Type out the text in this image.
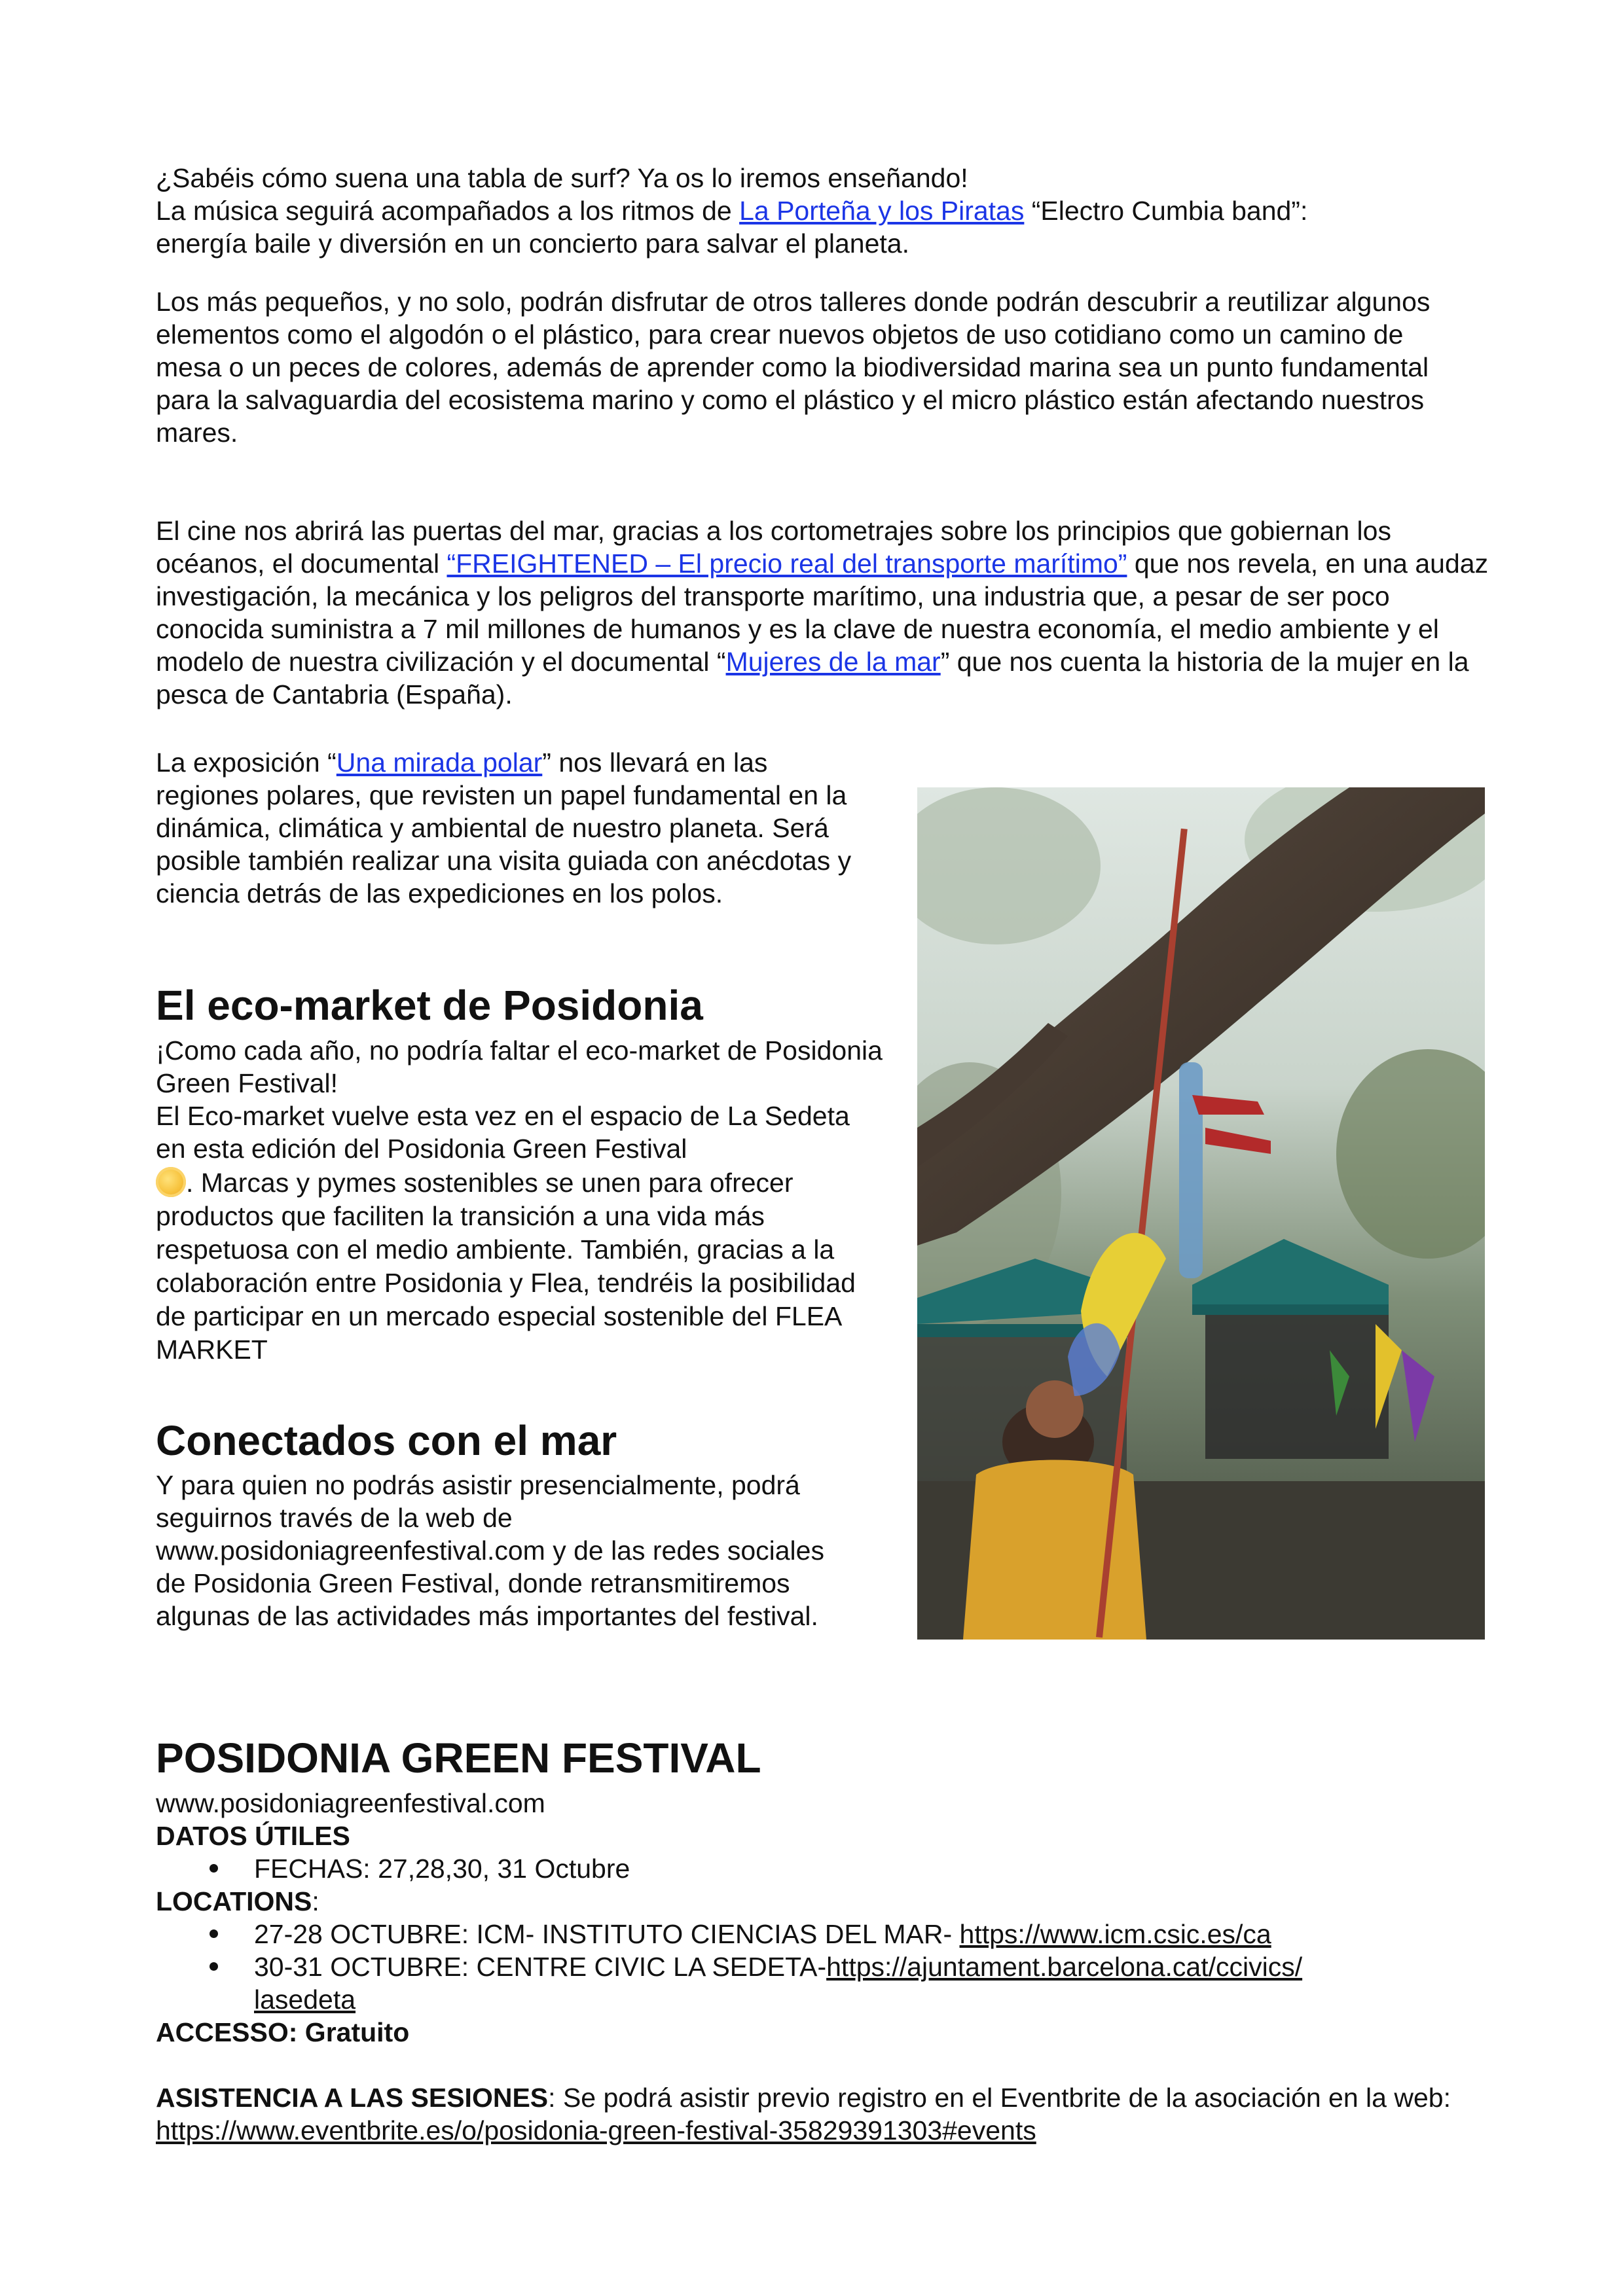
¿Sabéis cómo suena una tabla de surf? Ya os lo iremos enseñando!
La música seguirá acompañados a los ritmos de La Porteña y los Piratas “Electro Cumbia band”:
energía baile y diversión en un concierto para salvar el planeta.

Los más pequeños, y no solo, podrán disfrutar de otros talleres donde podrán descubrir a reutilizar algunos elementos como el algodón o el plástico, para crear nuevos objetos de uso cotidiano como un camino de mesa o un peces de colores, además de aprender como la biodiversidad marina sea un punto fundamental para la salvaguardia del ecosistema marino y como el plástico y el micro plástico están afectando nuestros mares.

El cine nos abrirá las puertas del mar, gracias a los cortometrajes sobre los principios que gobiernan los océanos, el documental “FREIGHTENED – El precio real del transporte marítimo” que nos revela, en una audaz investigación, la mecánica y los peligros del transporte marítimo, una industria que, a pesar de ser poco conocida suministra a 7 mil millones de humanos y es la clave de nuestra economía, el medio ambiente y el modelo de nuestra civilización y el documental “Mujeres de la mar” que nos cuenta la historia de la mujer en la pesca de Cantabria (España).

La exposición “Una mirada polar” nos llevará en las regiones polares, que revisten un papel fundamental en la dinámica, climática y ambiental de nuestro planeta. Será posible también realizar una visita guiada con anécdotas y ciencia detrás de las expediciones en los polos.

El eco-market de Posidonia

¡Como cada año, no podría faltar el eco-market de Posidonia Green Festival!

El Eco-market vuelve esta vez en el espacio de La Sedeta en esta edición del Posidonia Green Festival

. Marcas y pymes sostenibles se unen para ofrecer productos que faciliten la transición a una vida más respetuosa con el medio ambiente. También, gracias a la colaboración entre Posidonia y Flea, tendréis la posibilidad de participar en un mercado especial sostenible del FLEA MARKET

Conectados con el mar

Y para quien no podrás asistir presencialmente, podrá seguirnos través de la web de www.posidoniagreenfestival.com y de las redes sociales de Posidonia Green Festival, donde retransmitiremos algunas de las actividades más importantes del festival.

POSIDONIA GREEN FESTIVAL

www.posidoniagreenfestival.com

DATOS ÚTILES

FECHAS: 27,28,30, 31 Octubre

LOCATIONS:

27-28 OCTUBRE: ICM- INSTITUTO CIENCIAS DEL MAR- https://www.icm.csic.es/ca

30-31 OCTUBRE: CENTRE CIVIC LA SEDETA-https://ajuntament.barcelona.cat/ccivics/
lasedeta

ACCESSO: Gratuito

ASISTENCIA A LAS SESIONES: Se podrá asistir previo registro en el Eventbrite de la asociación en la web: https://www.eventbrite.es/o/posidonia-green-festival-35829391303#events
